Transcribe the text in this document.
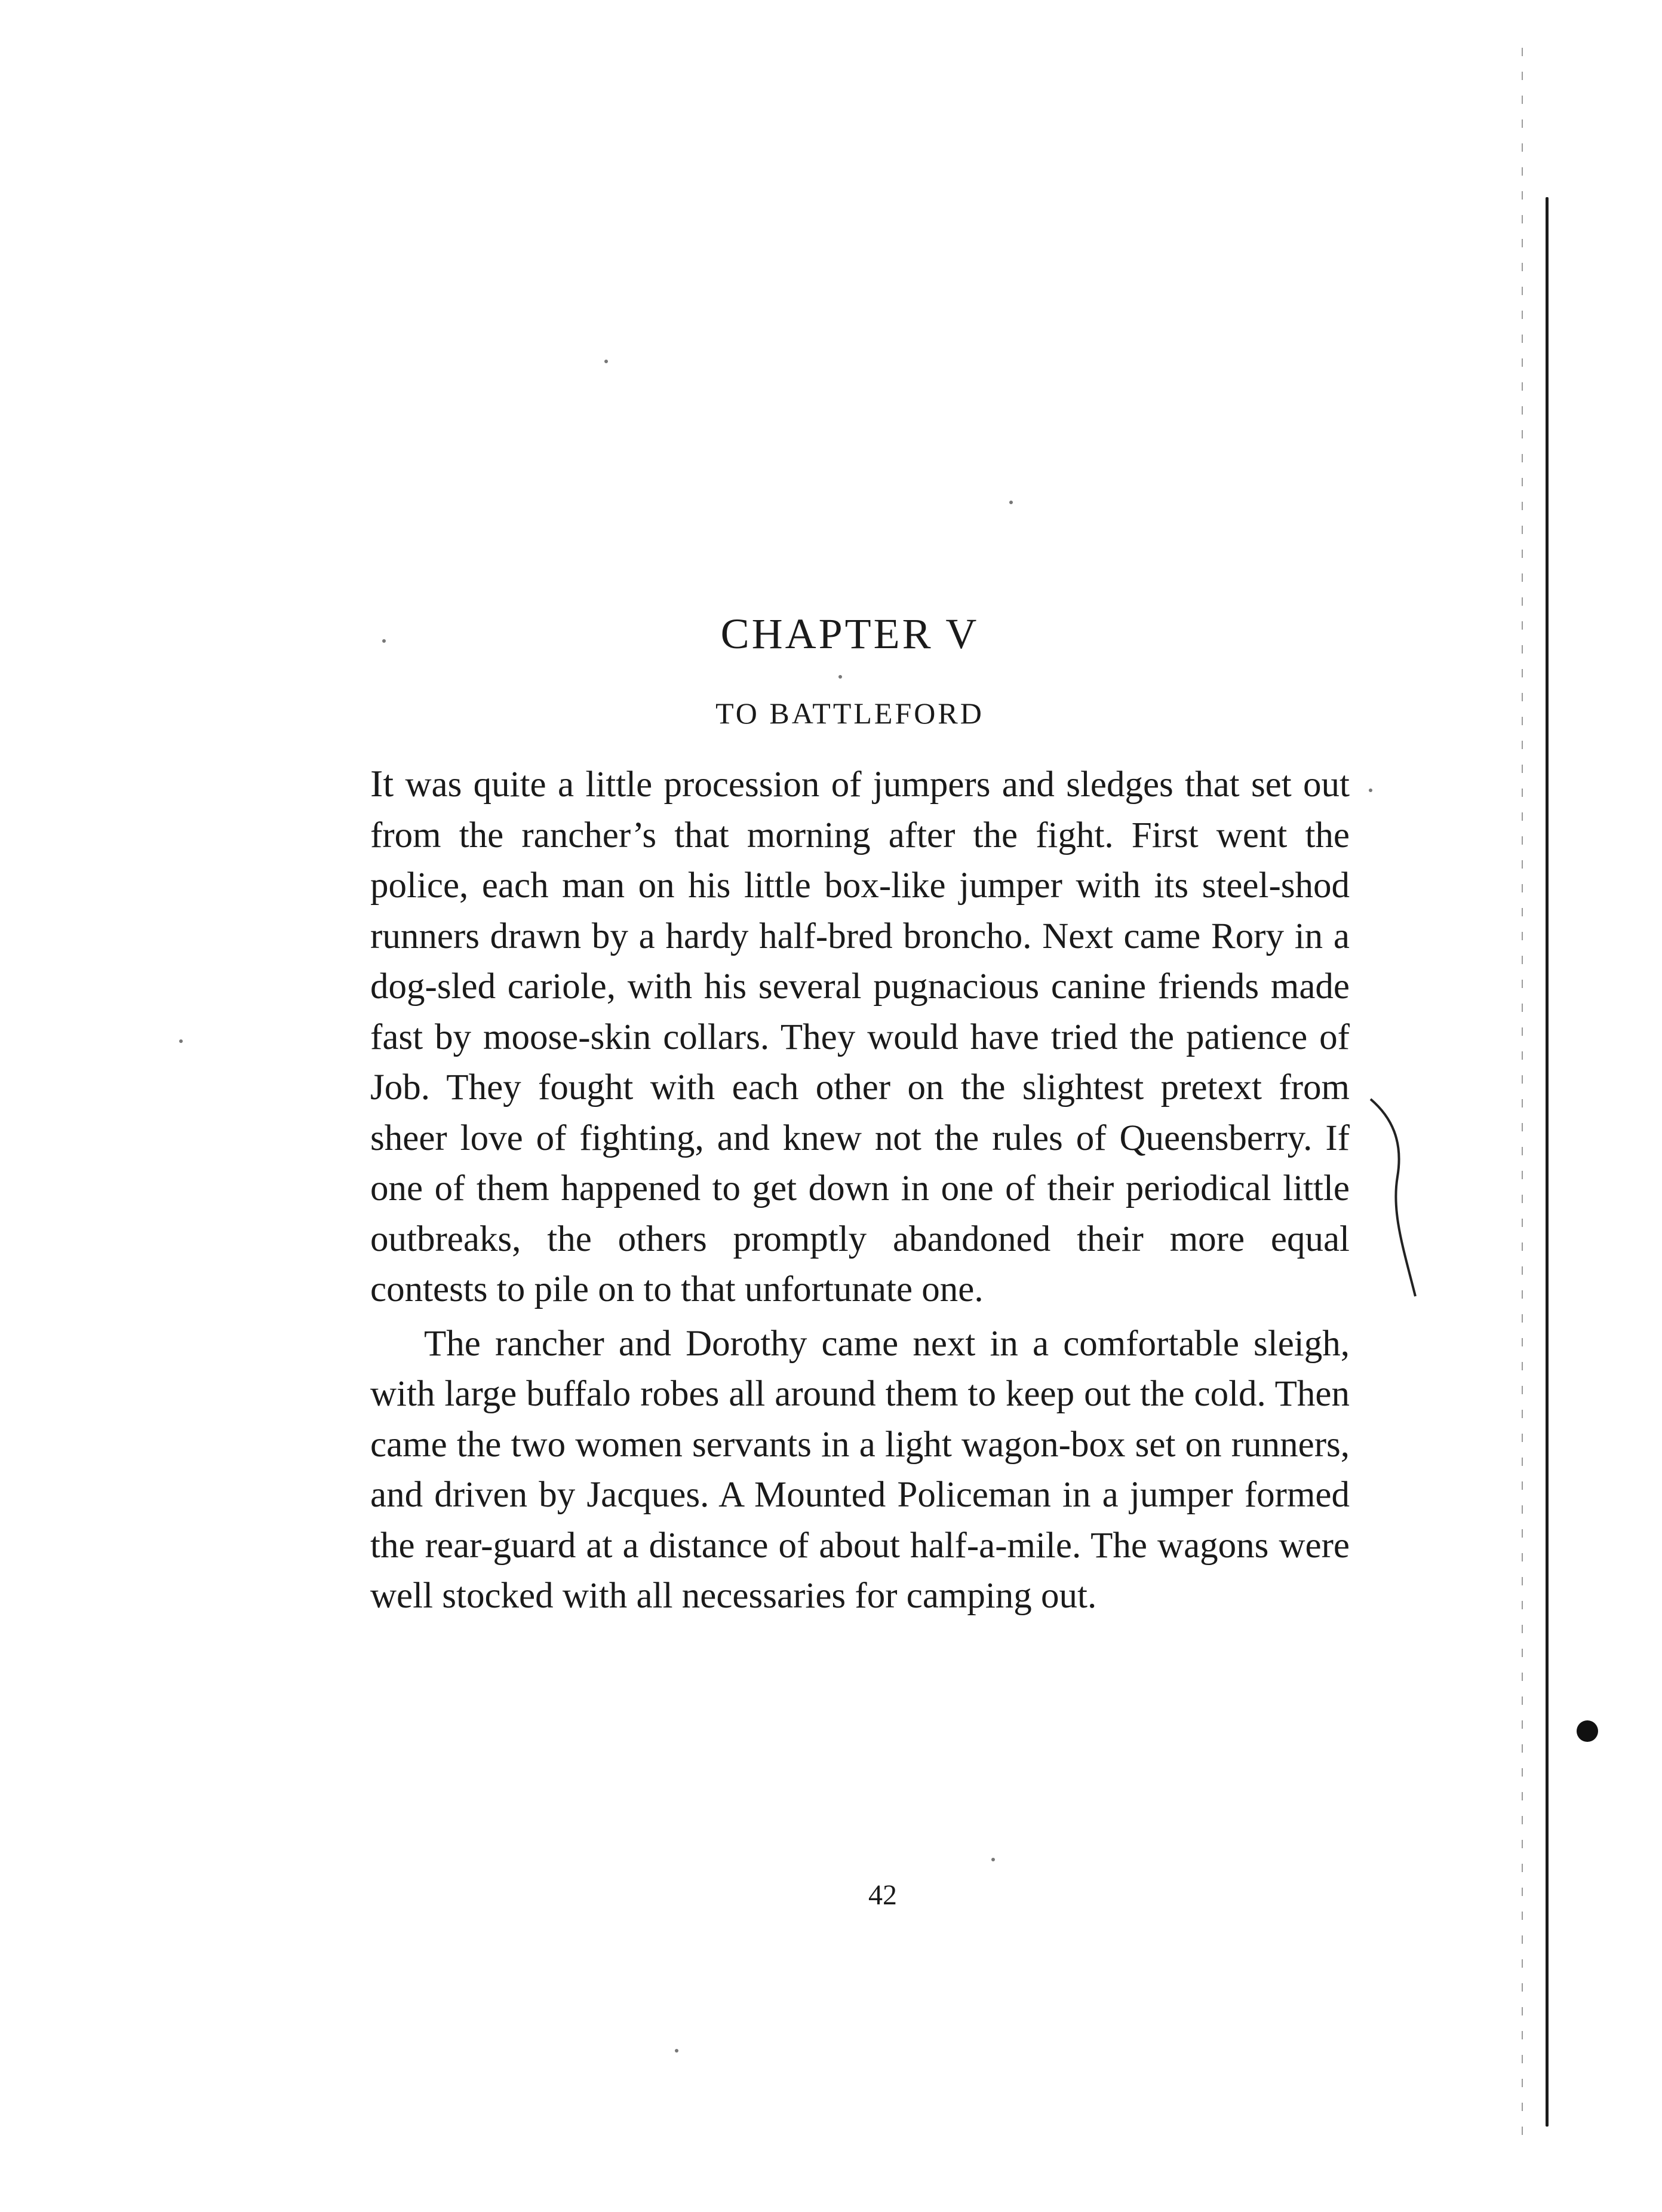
CHAPTER V
TO BATTLEFORD

It was quite a little procession of jumpers and sledges that set out from the rancher’s that morning after the fight. First went the police, each man on his little box-like jumper with its steel-shod runners drawn by a hardy half-bred broncho. Next came Rory in a dog-sled cariole, with his several pugnacious canine friends made fast by moose-skin collars. They would have tried the patience of Job. They fought with each other on the slightest pretext from sheer love of fighting, and knew not the rules of Queensberry. If one of them happened to get down in one of their periodical little outbreaks, the others promptly abandoned their more equal contests to pile on to that unfortunate one.

The rancher and Dorothy came next in a comfortable sleigh, with large buffalo robes all around them to keep out the cold. Then came the two women servants in a light wagon-box set on runners, and driven by Jacques. A Mounted Policeman in a jumper formed the rear-guard at a distance of about half-a-mile. The wagons were well stocked with all necessaries for camping out.

42
